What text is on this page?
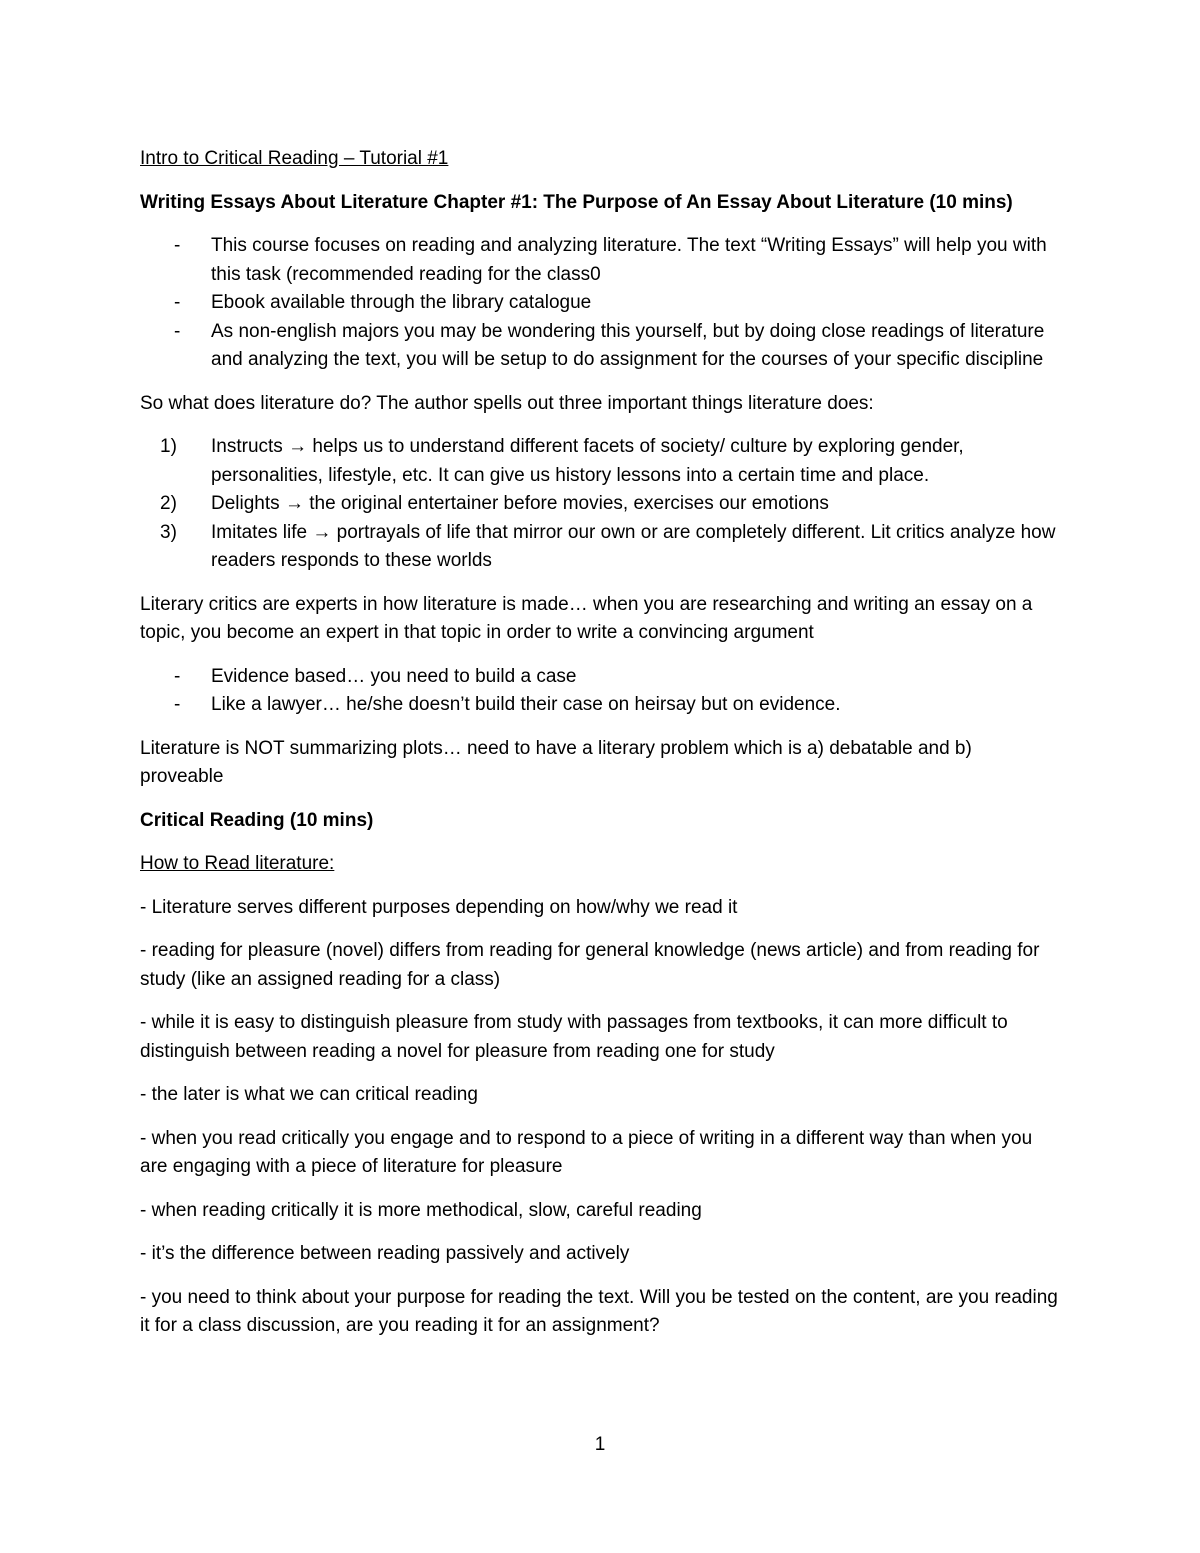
Intro to Critical Reading – Tutorial #1

Writing Essays About Literature Chapter #1: The Purpose of An Essay About Literature (10 mins)

- This course focuses on reading and analyzing literature. The text “Writing Essays” will help you with this task (recommended reading for the class0
- Ebook available through the library catalogue
- As non-english majors you may be wondering this yourself, but by doing close readings of literature and analyzing the text, you will be setup to do assignment for the courses of your specific discipline

So what does literature do? The author spells out three important things literature does:

1) Instructs → helps us to understand different facets of society/ culture by exploring gender, personalities, lifestyle, etc. It can give us history lessons into a certain time and place.
2) Delights → the original entertainer before movies, exercises our emotions
3) Imitates life → portrayals of life that mirror our own or are completely different. Lit critics analyze how readers responds to these worlds

Literary critics are experts in how literature is made… when you are researching and writing an essay on a topic, you become an expert in that topic in order to write a convincing argument

- Evidence based… you need to build a case
- Like a lawyer… he/she doesn’t build their case on heirsay but on evidence.

Literature is NOT summarizing plots… need to have a literary problem which is a) debatable and b) proveable

Critical Reading (10 mins)

How to Read literature:

- Literature serves different purposes depending on how/why we read it

- reading for pleasure (novel) differs from reading for general knowledge (news article) and from reading for study (like an assigned reading for a class)

- while it is easy to distinguish pleasure from study with passages from textbooks, it can more difficult to distinguish between reading a novel for pleasure from reading one for study

- the later is what we can critical reading

- when you read critically you engage and to respond to a piece of writing in a different way than when you are engaging with a piece of literature for pleasure

- when reading critically it is more methodical, slow, careful reading

- it’s the difference between reading passively and actively

- you need to think about your purpose for reading the text. Will you be tested on the content, are you reading it for a class discussion, are you reading it for an assignment?

1
